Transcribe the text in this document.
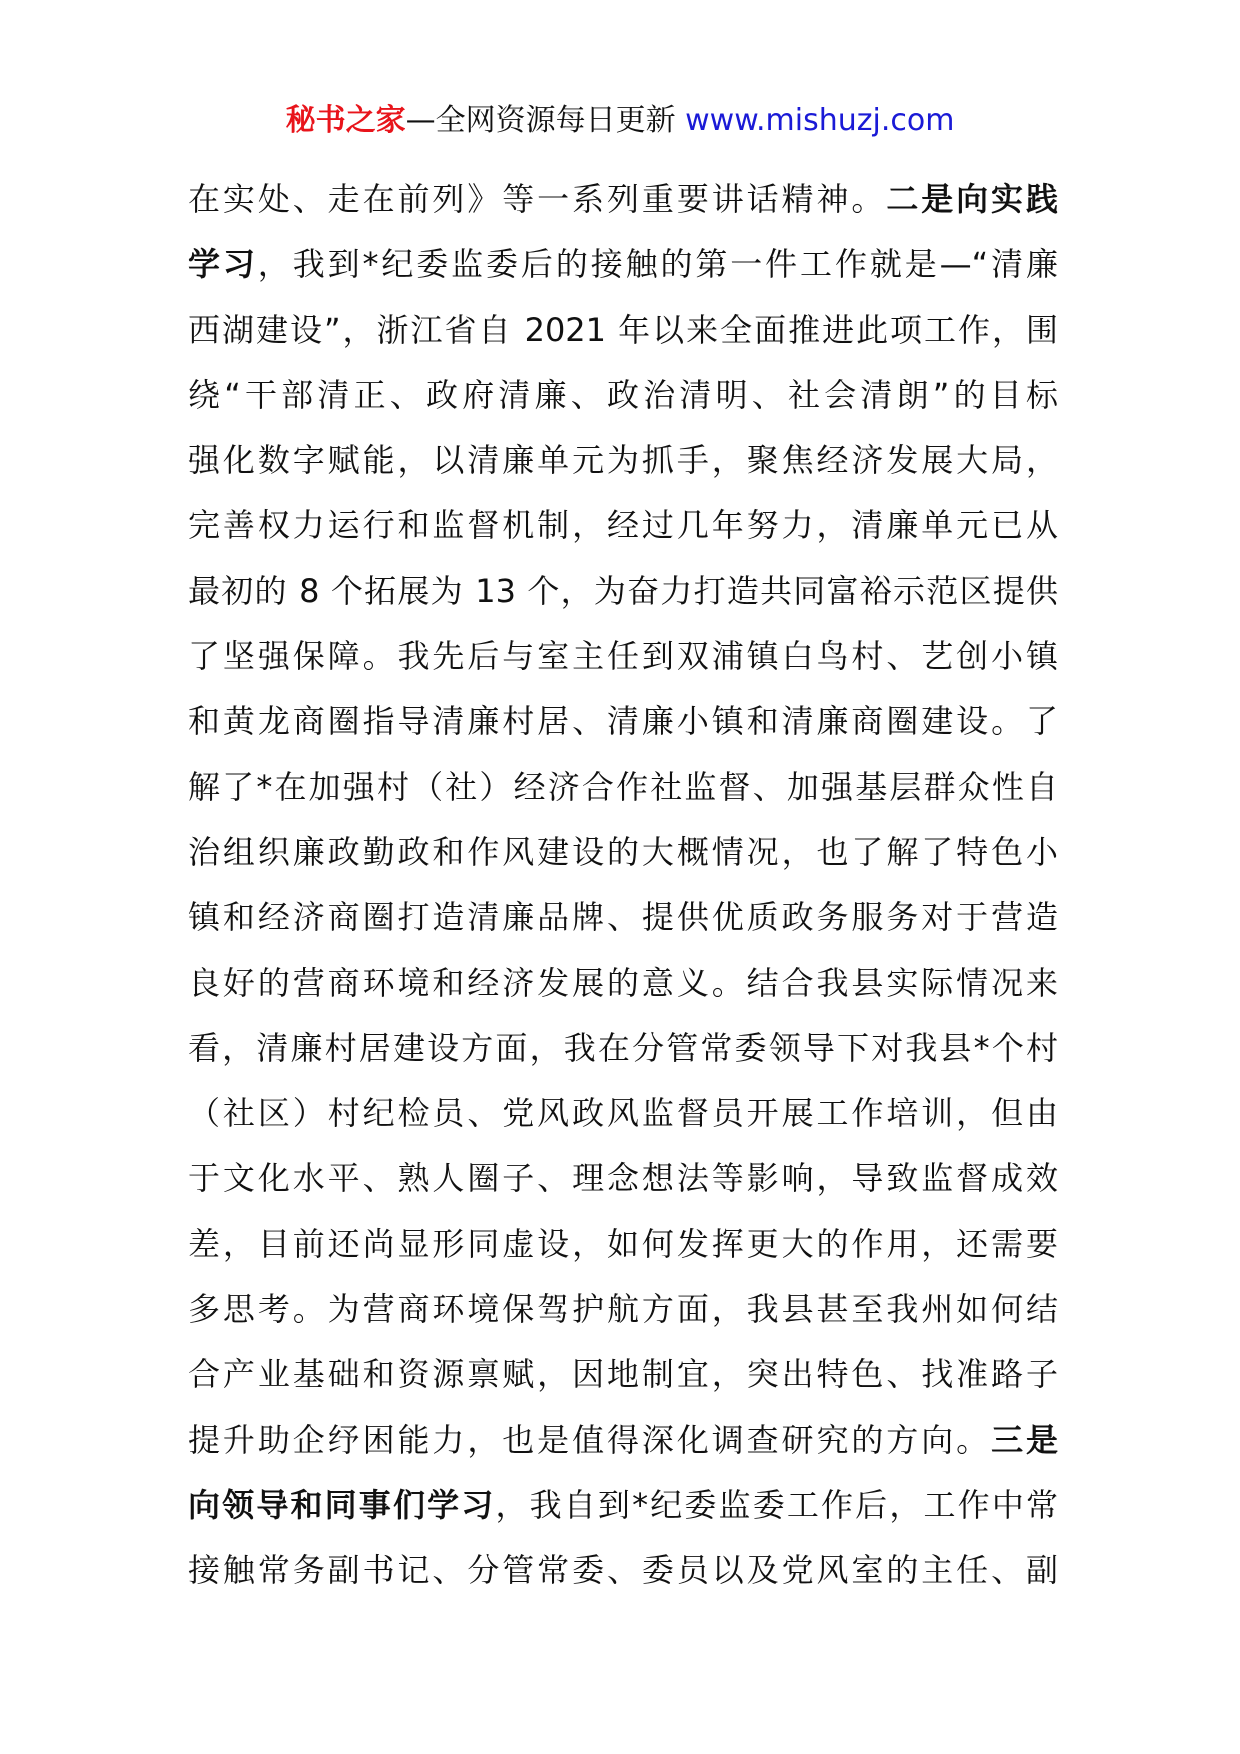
秘书之家—全网资源每日更新 www.mishuzj.com
在实处、走在前列》等一系列重要讲话精神。二是向实践
学习，我到*纪委监委后的接触的第一件工作就是—“清廉
西湖建设”，浙江省自 2021 年以来全面推进此项工作，围
绕“干部清正、政府清廉、政治清明、社会清朗”的目标
强化数字赋能，以清廉单元为抓手，聚焦经济发展大局，
完善权力运行和监督机制，经过几年努力，清廉单元已从
最初的 8 个拓展为 13 个，为奋力打造共同富裕示范区提供
了坚强保障。我先后与室主任到双浦镇白鸟村、艺创小镇
和黄龙商圈指导清廉村居、清廉小镇和清廉商圈建设。了
解了*在加强村（社）经济合作社监督、加强基层群众性自
治组织廉政勤政和作风建设的大概情况，也了解了特色小
镇和经济商圈打造清廉品牌、提供优质政务服务对于营造
良好的营商环境和经济发展的意义。结合我县实际情况来
看，清廉村居建设方面，我在分管常委领导下对我县*个村
（社区）村纪检员、党风政风监督员开展工作培训，但由
于文化水平、熟人圈子、理念想法等影响，导致监督成效
差，目前还尚显形同虚设，如何发挥更大的作用，还需要
多思考。为营商环境保驾护航方面，我县甚至我州如何结
合产业基础和资源禀赋，因地制宜，突出特色、找准路子
提升助企纾困能力，也是值得深化调查研究的方向。三是
向领导和同事们学习，我自到*纪委监委工作后，工作中常
接触常务副书记、分管常委、委员以及党风室的主任、副
